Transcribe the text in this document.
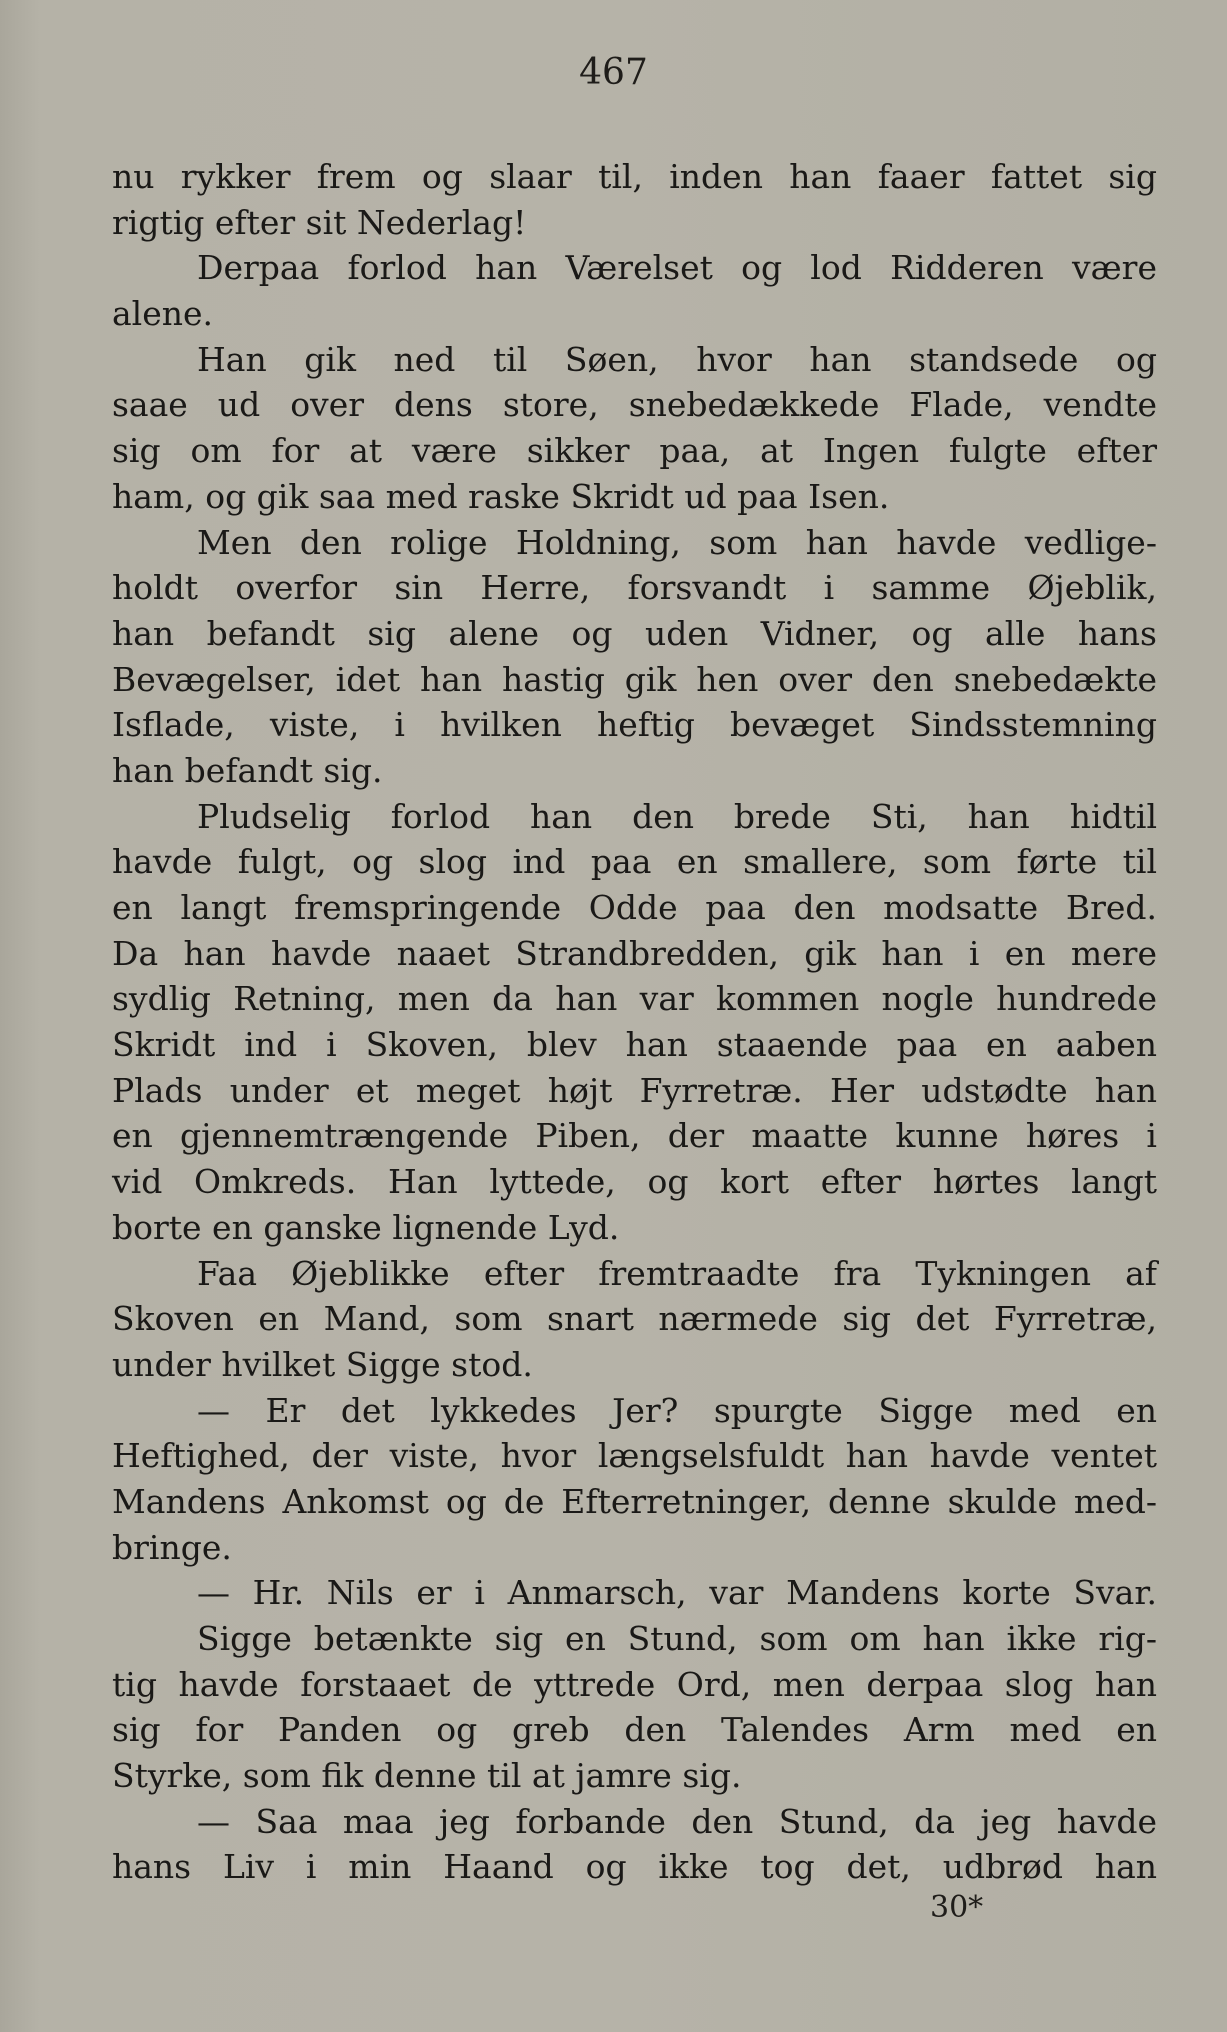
467
nu rykker frem og slaar til, inden han faaer fattet sig
rigtig efter sit Nederlag!
Derpaa forlod han Værelset og lod Ridderen være
alene.
Han gik ned til Søen, hvor han standsede og
saae ud over dens store, snebedækkede Flade, vendte
sig om for at være sikker paa, at Ingen fulgte efter
ham, og gik saa med raske Skridt ud paa Isen.
Men den rolige Holdning, som han havde vedlige-
holdt overfor sin Herre, forsvandt i samme Øjeblik,
han befandt sig alene og uden Vidner, og alle hans
Bevægelser, idet han hastig gik hen over den snebedækte
Isflade, viste, i hvilken heftig bevæget Sindsstemning
han befandt sig.
Pludselig forlod han den brede Sti, han hidtil
havde fulgt, og slog ind paa en smallere, som førte til
en langt fremspringende Odde paa den modsatte Bred.
Da han havde naaet Strandbredden, gik han i en mere
sydlig Retning, men da han var kommen nogle hundrede
Skridt ind i Skoven, blev han staaende paa en aaben
Plads under et meget højt Fyrretræ. Her udstødte han
en gjennemtrængende Piben, der maatte kunne høres i
vid Omkreds. Han lyttede, og kort efter hørtes langt
borte en ganske lignende Lyd.
Faa Øjeblikke efter fremtraadte fra Tykningen af
Skoven en Mand, som snart nærmede sig det Fyrretræ,
under hvilket Sigge stod.
— Er det lykkedes Jer? spurgte Sigge med en
Heftighed, der viste, hvor længselsfuldt han havde ventet
Mandens Ankomst og de Efterretninger, denne skulde med-
bringe.
— Hr. Nils er i Anmarsch, var Mandens korte Svar.
Sigge betænkte sig en Stund, som om han ikke rig-
tig havde forstaaet de yttrede Ord, men derpaa slog han
sig for Panden og greb den Talendes Arm med en
Styrke, som fik denne til at jamre sig.
— Saa maa jeg forbande den Stund, da jeg havde
hans Liv i min Haand og ikke tog det, udbrød han
30*
